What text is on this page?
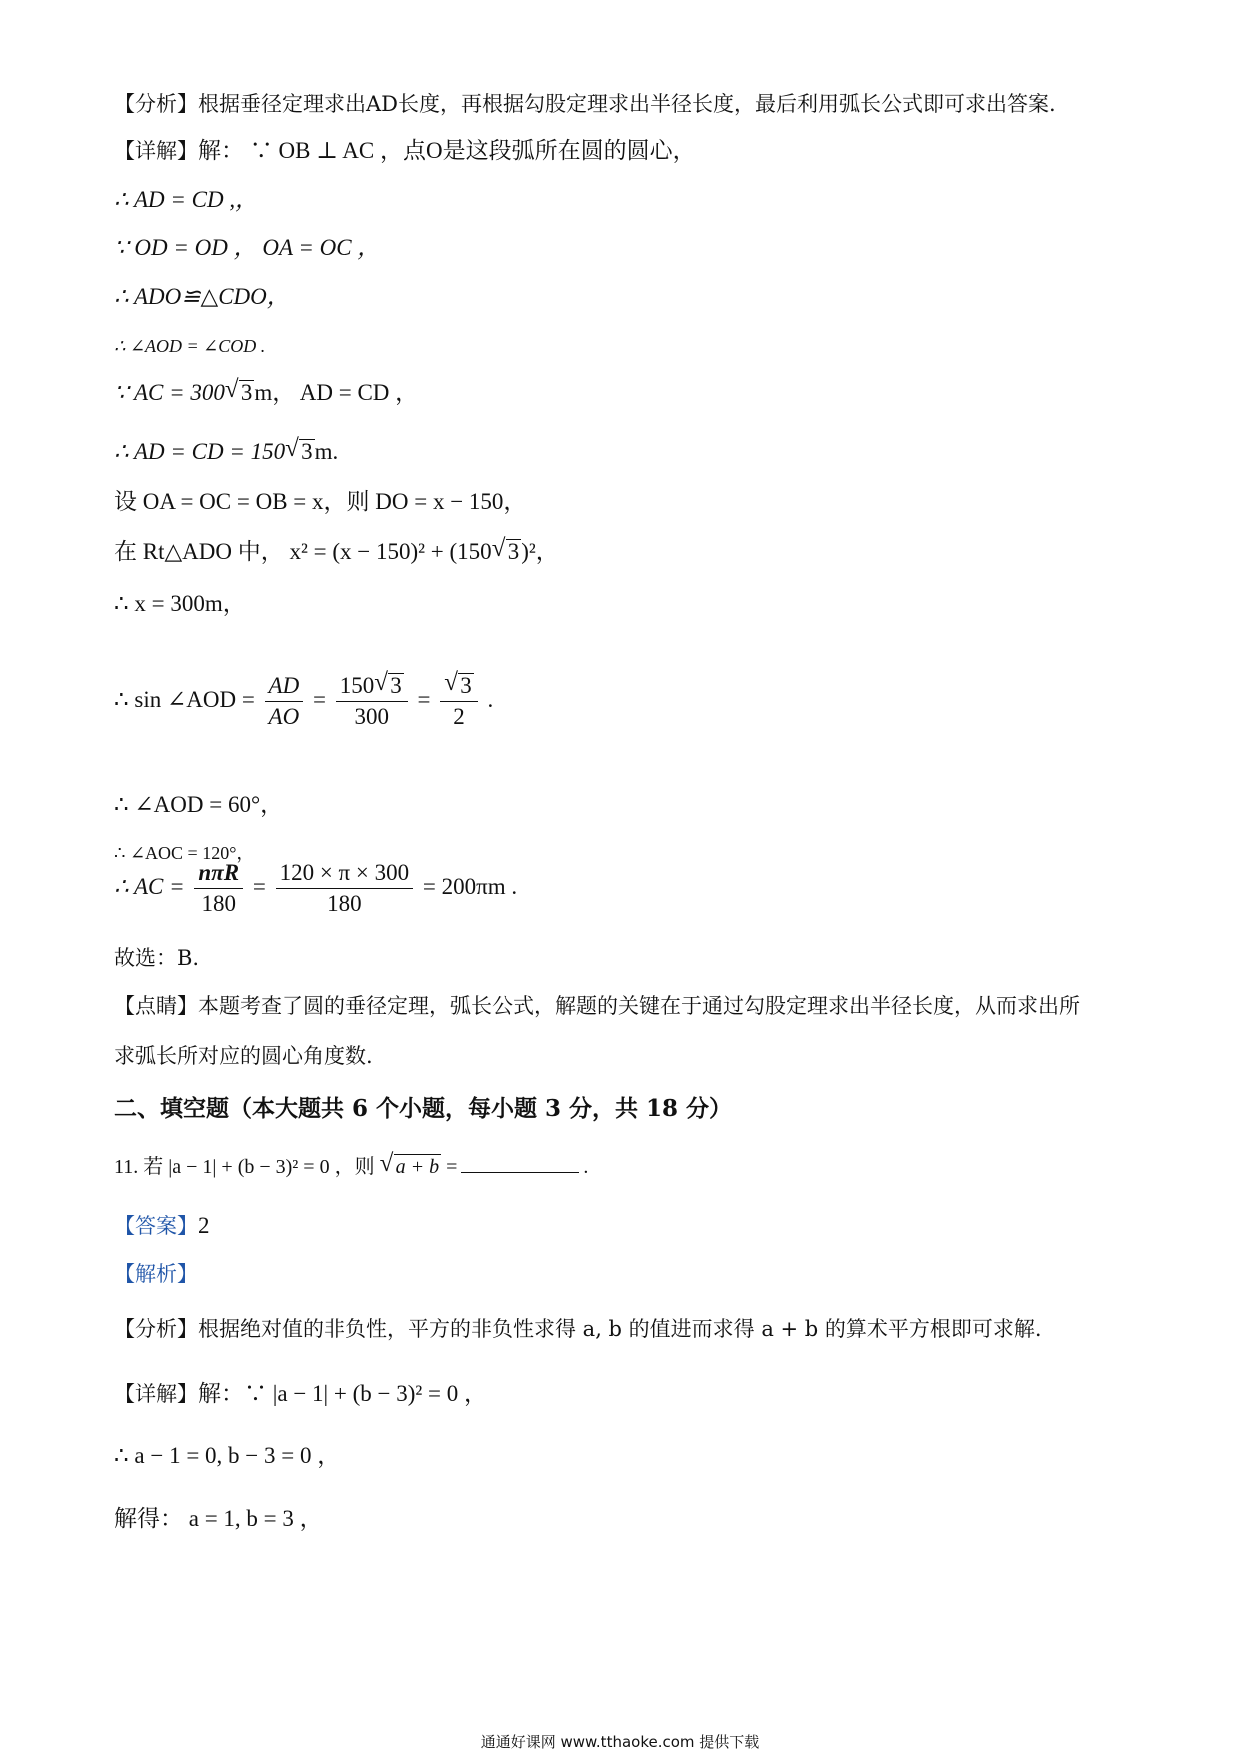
【分析】根据垂径定理求出AD长度，再根据勾股定理求出半径长度，最后利用弧长公式即可求出答案.
【详解】解： ∵ OB ⊥ AC ，点O是这段弧所在圆的圆心，
∴ AD = CD ,，
∵ OD = OD ， OA = OC ，
∴ ADO≌△CDO，
∴ ∠AOD = ∠COD .
∵ AC = 300 √ 3m， AD = CD ，
∴ AD = CD = 150 √ 3m.
设 OA = OC = OB = x，则 DO = x − 150，
在 Rt△ADO 中， x² = (x − 150)² + (150 √ 3)²，
∴ x = 300m，
∴ sin ∠AOD = $\frac{AD}{AO} = \frac{150 √ 3}{300}$ = √ $\frac{3}{2}$ .
∴ ∠AOD = 60°，
∴ ∠AOC = 120°，
∴ AC = $\frac{\text{nπR}}{180} = \frac{120 \times \pi \times 300}{180} = 200\pi m$ .
故选：B.
【点睛】本题考查了圆的垂径定理，弧长公式，解题的关键在于通过勾股定理求出半径长度，从而求出所
求弧长所对应的圆心角度数.
二、填空题（本大题共 6 个小题，每小题 3 分，共 18 分）
11. 若 |a − 1| + (b − 3)² = 0 ，则 √ a + b =	.
【答案】2
【解析】
【分析】根据绝对值的非负性，平方的非负性求得 a, b 的值进而求得 a + b 的算术平方根即可求解.
【详解】解：∵ |a − 1| + (b − 3)² = 0 ，
∴ a − 1 = 0, b − 3 = 0 ，
解得： a = 1, b = 3 ，
通通好课网 www.tthaoke.com 提供下载
